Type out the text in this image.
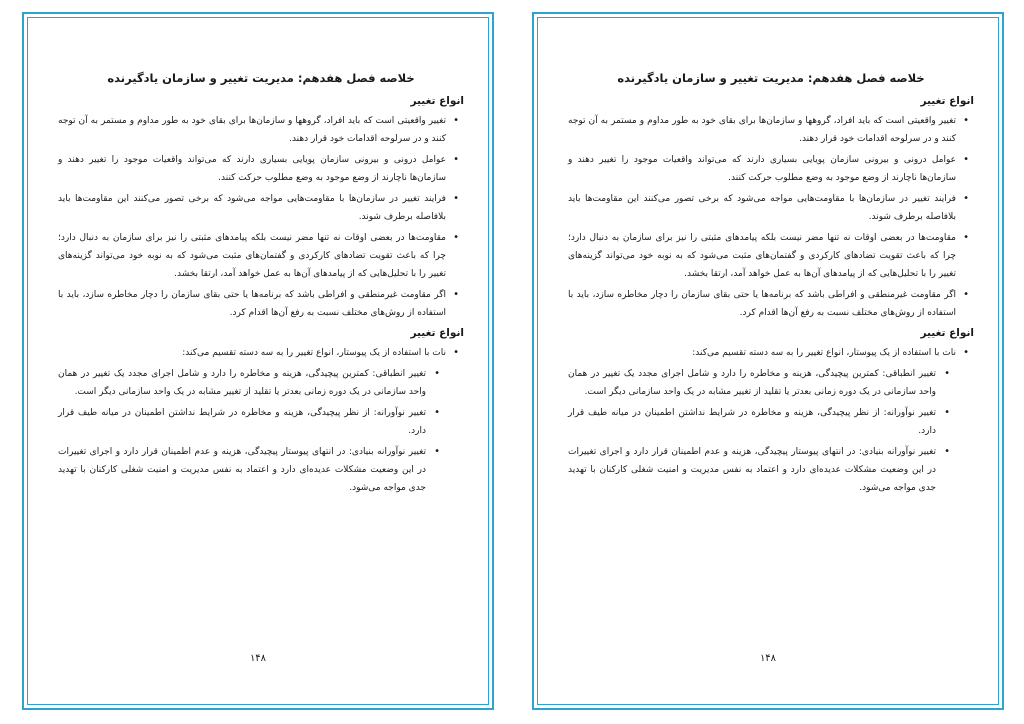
خلاصه فصل هفدهم: مدیریت تغییر و سازمان یادگیرنده
انواع تغییر
• تغییر واقعیتی است که باید افراد، گروهها و سازمان‌ها برای بقای خود به طور مداوم و مستمر به آن توجه کنند و در سرلوحه اقدامات خود قرار دهند.
• عوامل درونی و بیرونی سازمان پویایی بسیاری دارند که می‌تواند واقعیات موجود را تغییر دهند و سازمان‌ها ناچارند از وضع موجود به وضع مطلوب حرکت کنند.
• فرایند تغییر در سازمان‌ها با مقاومت‌هایی مواجه می‌شود که برخی تصور می‌کنند این مقاومت‌ها باید بلافاصله برطرف شوند.
• مقاومت‌ها در بعضی اوقات نه تنها مضر نیست بلکه پیامدهای مثبتی را نیز برای سازمان به دنبال دارد؛ چرا که باعث تقویت تضادهای کارکردی و گفتمان‌های مثبت می‌شود که به نوبه خود می‌تواند گزینه‌های تغییر را با تحلیل‌هایی که از پیامدهای آن‌ها به عمل خواهد آمد، ارتقا بخشد.
• اگر مقاومت غیرمنطقی و افراطی باشد که برنامه‌ها یا حتی بقای سازمان را دچار مخاطره سازد، باید با استفاده از روش‌های مختلف نسبت به رفع آن‌ها اقدام کرد.
انواع تغییر
• نات با استفاده از یک پیوستار، انواع تغییر را به سه دسته تقسیم می‌کند:
• تغییر انطباقی: کمترین پیچیدگی، هزینه و مخاطره را دارد و شامل اجرای مجدد یک تغییر در همان واحد سازمانی در یک دوره زمانی بعدتر یا تقلید از تغییر مشابه در یک واحد سازمانی دیگر است.
• تغییر نوآورانه: از نظر پیچیدگی، هزینه و مخاطره در شرایط نداشتن اطمینان در میانه طیف قرار دارد.
• تغییر نوآورانه بنیادی: در انتهای پیوستار پیچیدگی، هزینه و عدم اطمینان قرار دارد و اجرای تغییرات در این وضعیت مشکلات عدیده‌ای دارد و اعتماد به نفس مدیریت و امنیت شغلی کارکنان با تهدید جدی مواجه می‌شود.
۱۴۸
خلاصه فصل هفدهم: مدیریت تغییر و سازمان یادگیرنده
انواع تغییر
• تغییر واقعیتی است که باید افراد، گروهها و سازمان‌ها برای بقای خود به طور مداوم و مستمر به آن توجه کنند و در سرلوحه اقدامات خود قرار دهند.
• عوامل درونی و بیرونی سازمان پویایی بسیاری دارند که می‌تواند واقعیات موجود را تغییر دهند و سازمان‌ها ناچارند از وضع موجود به وضع مطلوب حرکت کنند.
• فرایند تغییر در سازمان‌ها با مقاومت‌هایی مواجه می‌شود که برخی تصور می‌کنند این مقاومت‌ها باید بلافاصله برطرف شوند.
• مقاومت‌ها در بعضی اوقات نه تنها مضر نیست بلکه پیامدهای مثبتی را نیز برای سازمان به دنبال دارد؛ چرا که باعث تقویت تضادهای کارکردی و گفتمان‌های مثبت می‌شود که به نوبه خود می‌تواند گزینه‌های تغییر را با تحلیل‌هایی که از پیامدهای آن‌ها به عمل خواهد آمد، ارتقا بخشد.
• اگر مقاومت غیرمنطقی و افراطی باشد که برنامه‌ها یا حتی بقای سازمان را دچار مخاطره سازد، باید با استفاده از روش‌های مختلف نسبت به رفع آن‌ها اقدام کرد.
انواع تغییر
• نات با استفاده از یک پیوستار، انواع تغییر را به سه دسته تقسیم می‌کند:
• تغییر انطباقی: کمترین پیچیدگی، هزینه و مخاطره را دارد و شامل اجرای مجدد یک تغییر در همان واحد سازمانی در یک دوره زمانی بعدتر یا تقلید از تغییر مشابه در یک واحد سازمانی دیگر است.
• تغییر نوآورانه: از نظر پیچیدگی، هزینه و مخاطره در شرایط نداشتن اطمینان در میانه طیف قرار دارد.
• تغییر نوآورانه بنیادی: در انتهای پیوستار پیچیدگی، هزینه و عدم اطمینان قرار دارد و اجرای تغییرات در این وضعیت مشکلات عدیده‌ای دارد و اعتماد به نفس مدیریت و امنیت شغلی کارکنان با تهدید جدی مواجه می‌شود.
۱۴۸
